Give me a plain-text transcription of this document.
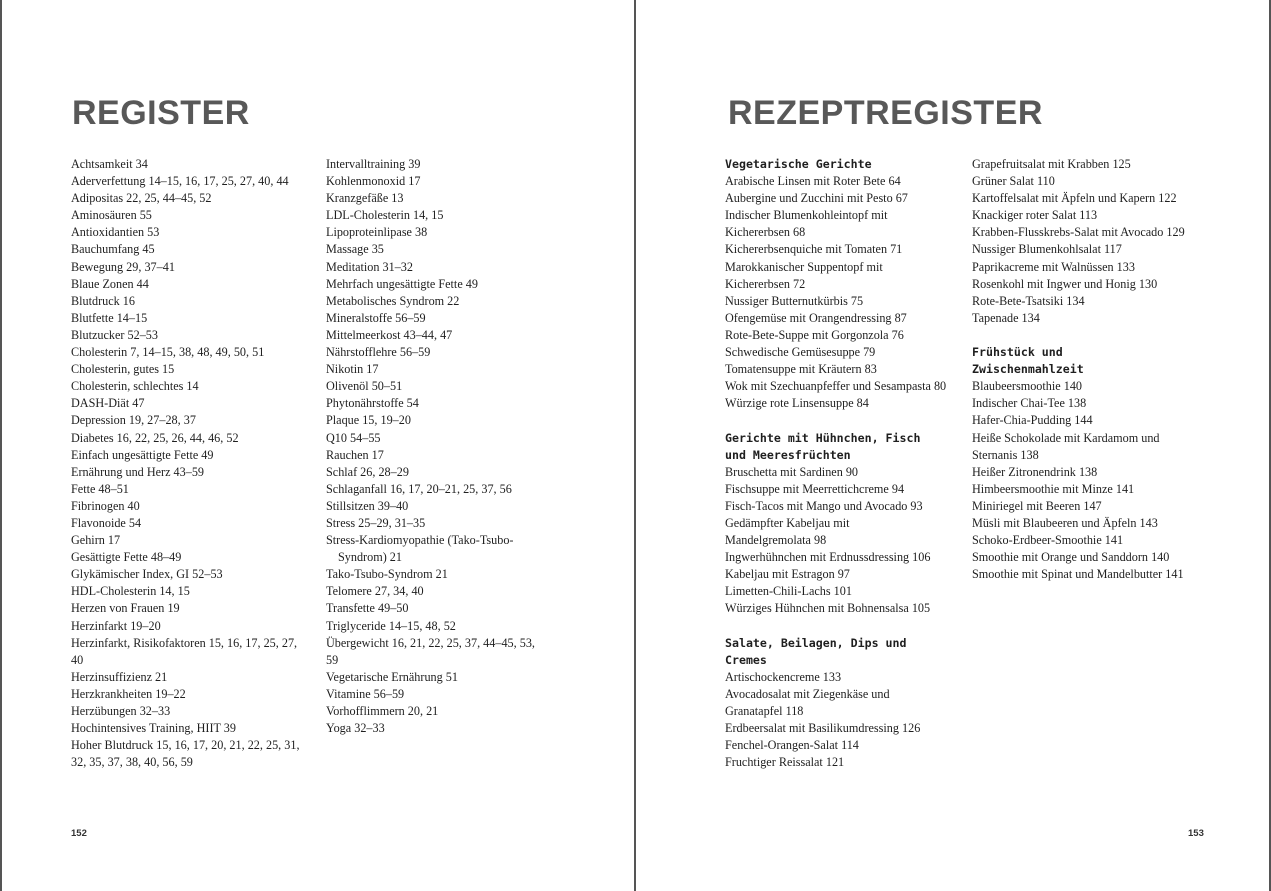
REGISTER
Achtsamkeit 34
Aderverfettung 14–15, 16, 17, 25, 27, 40, 44
Adipositas 22, 25, 44–45, 52
Aminosäuren 55
Antioxidantien 53
Bauchumfang 45
Bewegung 29, 37–41
Blaue Zonen 44
Blutdruck 16
Blutfette 14–15
Blutzucker 52–53
Cholesterin 7, 14–15, 38, 48, 49, 50, 51
Cholesterin, gutes 15
Cholesterin, schlechtes 14
DASH-Diät 47
Depression 19, 27–28, 37
Diabetes 16, 22, 25, 26, 44, 46, 52
Einfach ungesättigte Fette 49
Ernährung und Herz 43–59
Fette 48–51
Fibrinogen 40
Flavonoide 54
Gehirn 17
Gesättigte Fette 48–49
Glykämischer Index, GI 52–53
HDL-Cholesterin 14, 15
Herzen von Frauen 19
Herzinfarkt 19–20
Herzinfarkt, Risikofaktoren 15, 16, 17, 25, 27,
40
Herzinsuffizienz 21
Herzkrankheiten 19–22
Herzübungen 32–33
Hochintensives Training, HIIT 39
Hoher Blutdruck 15, 16, 17, 20, 21, 22, 25, 31,
32, 35, 37, 38, 40, 56, 59
Intervalltraining 39
Kohlenmonoxid 17
Kranzgefäße 13
LDL-Cholesterin 14, 15
Lipoproteinlipase 38
Massage 35
Meditation 31–32
Mehrfach ungesättigte Fette 49
Metabolisches Syndrom 22
Mineralstoffe 56–59
Mittelmeerkost 43–44, 47
Nährstofflehre 56–59
Nikotin 17
Olivenöl 50–51
Phytonährstoffe 54
Plaque 15, 19–20
Q10 54–55
Rauchen 17
Schlaf 26, 28–29
Schlaganfall 16, 17, 20–21, 25, 37, 56
Stillsitzen 39–40
Stress 25–29, 31–35
Stress-Kardiomyopathie (Tako-Tsubo-
Syndrom) 21
Tako-Tsubo-Syndrom 21
Telomere 27, 34, 40
Transfette 49–50
Triglyceride 14–15, 48, 52
Übergewicht 16, 21, 22, 25, 37, 44–45, 53,
59
Vegetarische Ernährung 51
Vitamine 56–59
Vorhofflimmern 20, 21
Yoga 32–33
152
REZEPTREGISTER
Vegetarische Gerichte
Arabische Linsen mit Roter Bete 64
Aubergine und Zucchini mit Pesto 67
Indischer Blumenkohleintopf mit
Kichererbsen 68
Kichererbsenquiche mit Tomaten 71
Marokkanischer Suppentopf mit
Kichererbsen 72
Nussiger Butternutkürbis 75
Ofengemüse mit Orangendressing 87
Rote-Bete-Suppe mit Gorgonzola 76
Schwedische Gemüsesuppe 79
Tomatensuppe mit Kräutern 83
Wok mit Szechuanpfeffer und Sesampasta 80
Würzige rote Linsensuppe 84
Gerichte mit Hühnchen, Fisch
und Meeresfrüchten
Bruschetta mit Sardinen 90
Fischsuppe mit Meerrettichcreme 94
Fisch-Tacos mit Mango und Avocado 93
Gedämpfter Kabeljau mit
Mandelgremolata 98
Ingwerhühnchen mit Erdnussdressing 106
Kabeljau mit Estragon 97
Limetten-Chili-Lachs 101
Würziges Hühnchen mit Bohnensalsa 105
Salate, Beilagen, Dips und
Cremes
Artischockencreme 133
Avocadosalat mit Ziegenkäse und
Granatapfel 118
Erdbeersalat mit Basilikumdressing 126
Fenchel-Orangen-Salat 114
Fruchtiger Reissalat 121
Grapefruitsalat mit Krabben 125
Grüner Salat 110
Kartoffelsalat mit Äpfeln und Kapern 122
Knackiger roter Salat 113
Krabben-Flusskrebs-Salat mit Avocado 129
Nussiger Blumenkohlsalat 117
Paprikacreme mit Walnüssen 133
Rosenkohl mit Ingwer und Honig 130
Rote-Bete-Tsatsiki 134
Tapenade 134
Frühstück und
Zwischenmahlzeit
Blaubeersmoothie 140
Indischer Chai-Tee 138
Hafer-Chia-Pudding 144
Heiße Schokolade mit Kardamom und
Sternanis 138
Heißer Zitronendrink 138
Himbeersmoothie mit Minze 141
Miniriegel mit Beeren 147
Müsli mit Blaubeeren und Äpfeln 143
Schoko-Erdbeer-Smoothie 141
Smoothie mit Orange und Sanddorn 140
Smoothie mit Spinat und Mandelbutter 141
153
